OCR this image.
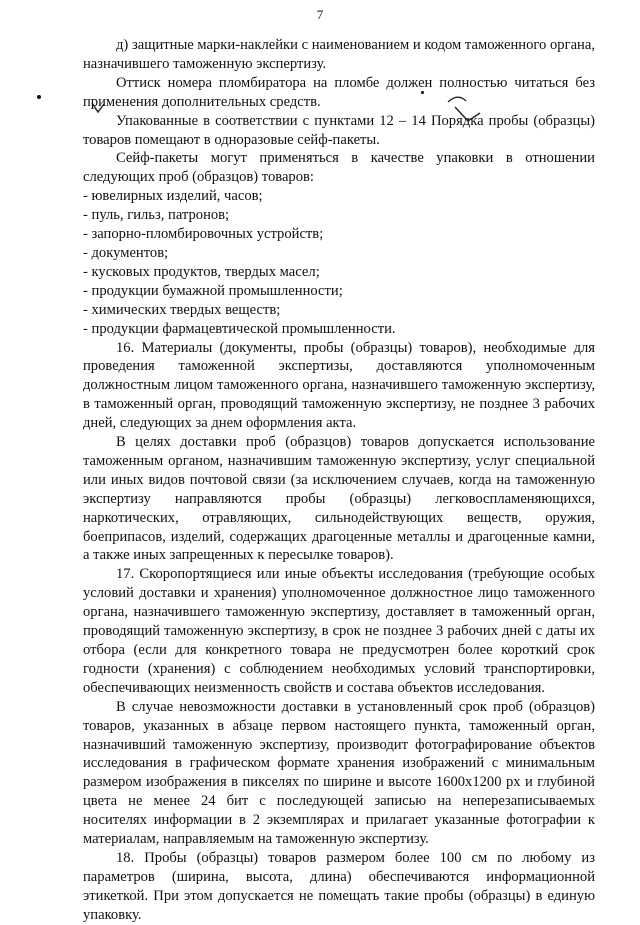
7

д) защитные марки-наклейки с наименованием и кодом таможенного органа, назначившего таможенную экспертизу.

Оттиск номера пломбиратора на пломбе должен полностью читаться без применения дополнительных средств.

Упакованные в соответствии с пунктами 12 – 14 Порядка пробы (образцы) товаров помещают в одноразовые сейф-пакеты.

Сейф-пакеты могут применяться в качестве упаковки в отношении следующих проб (образцов) товаров:

- ювелирных изделий, часов;

- пуль, гильз, патронов;

- запорно-пломбировочных устройств;

- документов;

- кусковых продуктов, твердых масел;

- продукции бумажной промышленности;

- химических твердых веществ;

- продукции фармацевтической промышленности.

16. Материалы (документы, пробы (образцы) товаров), необходимые для проведения таможенной экспертизы, доставляются уполномоченным должностным лицом таможенного органа, назначившего таможенную экспертизу, в таможенный орган, проводящий таможенную экспертизу, не позднее 3 рабочих дней, следующих за днем оформления акта.

В целях доставки проб (образцов) товаров допускается использование таможенным органом, назначившим таможенную экспертизу, услуг специальной или иных видов почтовой связи (за исключением случаев, когда на таможенную экспертизу направляются пробы (образцы) легковоспламеняющихся, наркотических, отравляющих, сильнодействующих веществ, оружия, боеприпасов, изделий, содержащих драгоценные металлы и драгоценные камни, а также иных запрещенных к пересылке товаров).

17. Скоропортящиеся или иные объекты исследования (требующие особых условий доставки и хранения) уполномоченное должностное лицо таможенного органа, назначившего таможенную экспертизу, доставляет в таможенный орган, проводящий таможенную экспертизу, в срок не позднее 3 рабочих дней с даты их отбора (если для конкретного товара не предусмотрен более короткий срок годности (хранения) с соблюдением необходимых условий транспортировки, обеспечивающих неизменность свойств и состава объектов исследования.

В случае невозможности доставки в установленный срок проб (образцов) товаров, указанных в абзаце первом настоящего пункта, таможенный орган, назначивший таможенную экспертизу, производит фотографирование объектов исследования в графическом формате хранения изображений с минимальным размером изображения в пикселях по ширине и высоте 1600x1200 px и глубиной цвета не менее 24 бит с последующей записью на неперезаписываемых носителях информации в 2 экземплярах и прилагает указанные фотографии к материалам, направляемым на таможенную экспертизу.

18. Пробы (образцы) товаров размером более 100 см по любому из параметров (ширина, высота, длина) обеспечиваются информационной этикеткой. При этом допускается не помещать такие пробы (образцы) в единую упаковку.
